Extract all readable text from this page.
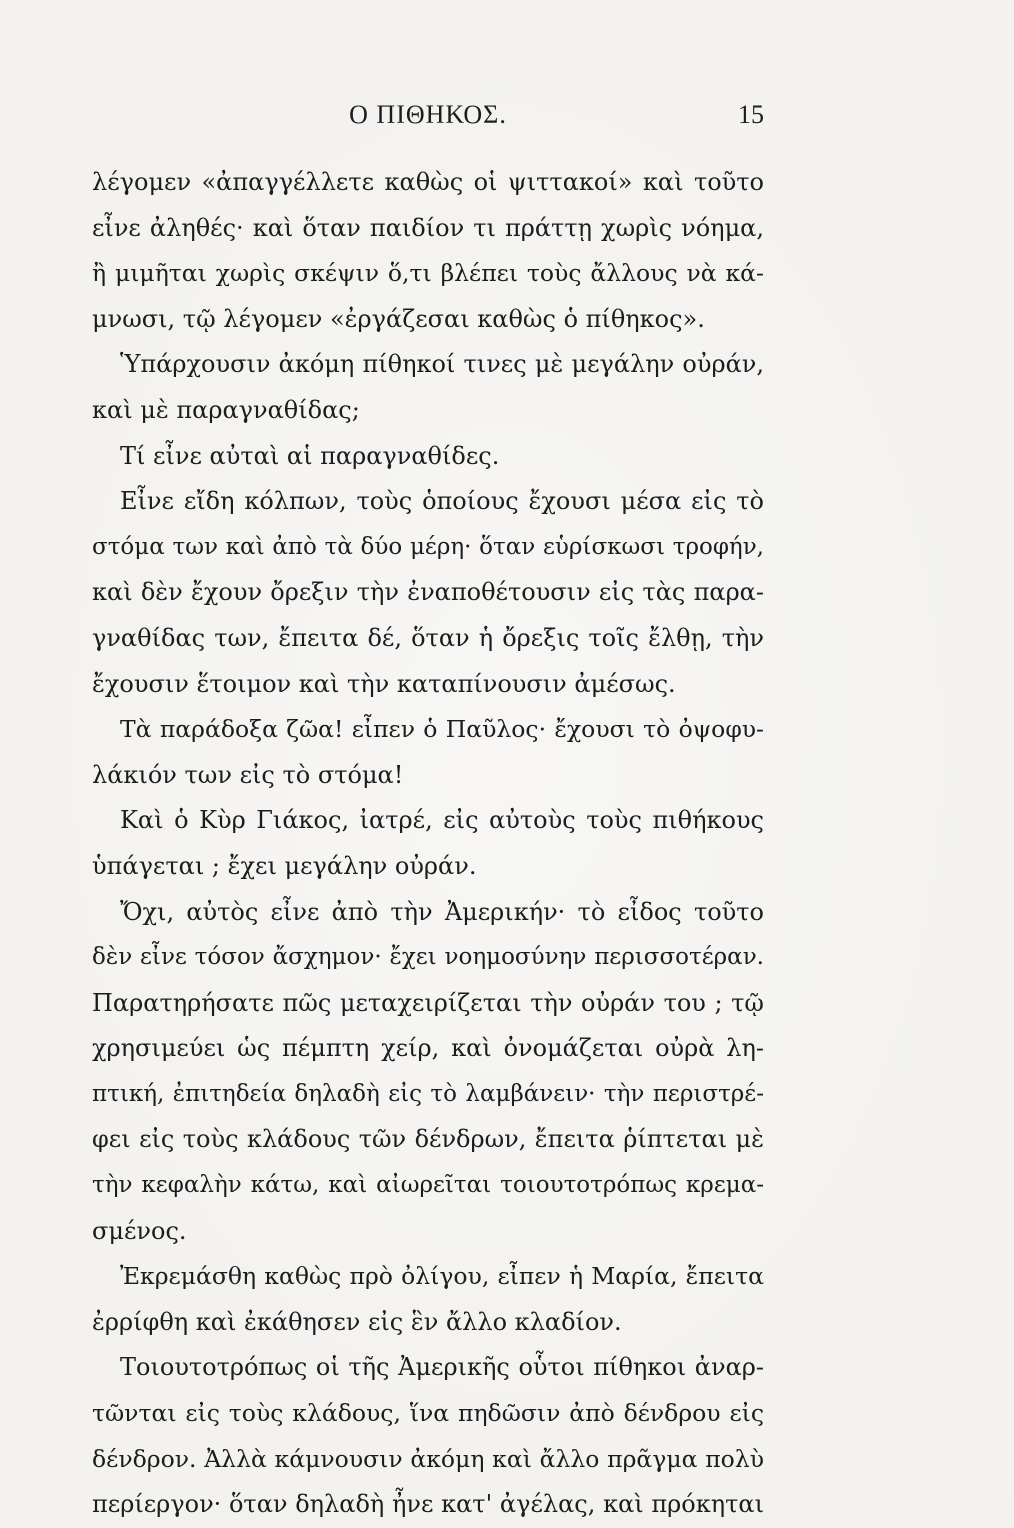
Ο ΠΙΘΗΚΟΣ.	15
λέγομεν «ἀπαγγέλλετε καθὼς οἱ ψιττακοί» καὶ τοῦτο
εἶνε ἀληθές· καὶ ὅταν παιδίον τι πράττῃ χωρὶς νόημα,
ἢ μιμῆται χωρὶς σκέψιν ὅ,τι βλέπει τοὺς ἄλλους νὰ κά-
μνωσι, τῷ λέγομεν «ἐργάζεσαι καθὼς ὁ πίθηκος».
Ὑπάρχουσιν ἀκόμη πίθηκοί τινες μὲ μεγάλην οὐράν,
καὶ μὲ παραγναθίδας;
Τί εἶνε αὐταὶ αἱ παραγναθίδες.
Εἶνε εἴδη κόλπων, τοὺς ὁποίους ἔχουσι μέσα εἰς τὸ
στόμα των καὶ ἀπὸ τὰ δύο μέρη· ὅταν εὑρίσκωσι τροφήν,
καὶ δὲν ἔχουν ὄρεξιν τὴν ἐναποθέτουσιν εἰς τὰς παρα-
γναθίδας των, ἔπειτα δέ, ὅταν ἡ ὄρεξις τοῖς ἔλθῃ, τὴν
ἔχουσιν ἕτοιμον καὶ τὴν καταπίνουσιν ἀμέσως.
Τὰ παράδοξα ζῶα! εἶπεν ὁ Παῦλος· ἔχουσι τὸ ὀψοφυ-
λάκιόν των εἰς τὸ στόμα!
Καὶ ὁ Κὺρ Γιάκος, ἰατρέ, εἰς αὐτοὺς τοὺς πιθήκους
ὑπάγεται ; ἔχει μεγάλην οὐράν.
Ὄχι, αὐτὸς εἶνε ἀπὸ τὴν Ἀμερικήν· τὸ εἶδος τοῦτο
δὲν εἶνε τόσον ἄσχημον· ἔχει νοημοσύνην περισσοτέραν.
Παρατηρήσατε πῶς μεταχειρίζεται τὴν οὐράν του ; τῷ
χρησιμεύει ὡς πέμπτη χείρ, καὶ ὀνομάζεται οὐρὰ λη-
πτική, ἐπιτηδεία δηλαδὴ εἰς τὸ λαμβάνειν· τὴν περιστρέ-
φει εἰς τοὺς κλάδους τῶν δένδρων, ἔπειτα ῥίπτεται μὲ
τὴν κεφαλὴν κάτω, καὶ αἰωρεῖται τοιουτοτρόπως κρεμα-
σμένος.
Ἐκρεμάσθη καθὼς πρὸ ὀλίγου, εἶπεν ἡ Μαρία, ἔπειτα
ἐρρίφθη καὶ ἐκάθησεν εἰς ἓν ἄλλο κλαδίον.
Τοιουτοτρόπως οἱ τῆς Ἀμερικῆς οὗτοι πίθηκοι ἀναρ-
τῶνται εἰς τοὺς κλάδους, ἵνα πηδῶσιν ἀπὸ δένδρου εἰς
δένδρον. Ἀλλὰ κάμνουσιν ἀκόμη καὶ ἄλλο πρᾶγμα πολὺ
περίεργον· ὅταν δηλαδὴ ἦνε κατ' ἀγέλας, καὶ πρόκηται
